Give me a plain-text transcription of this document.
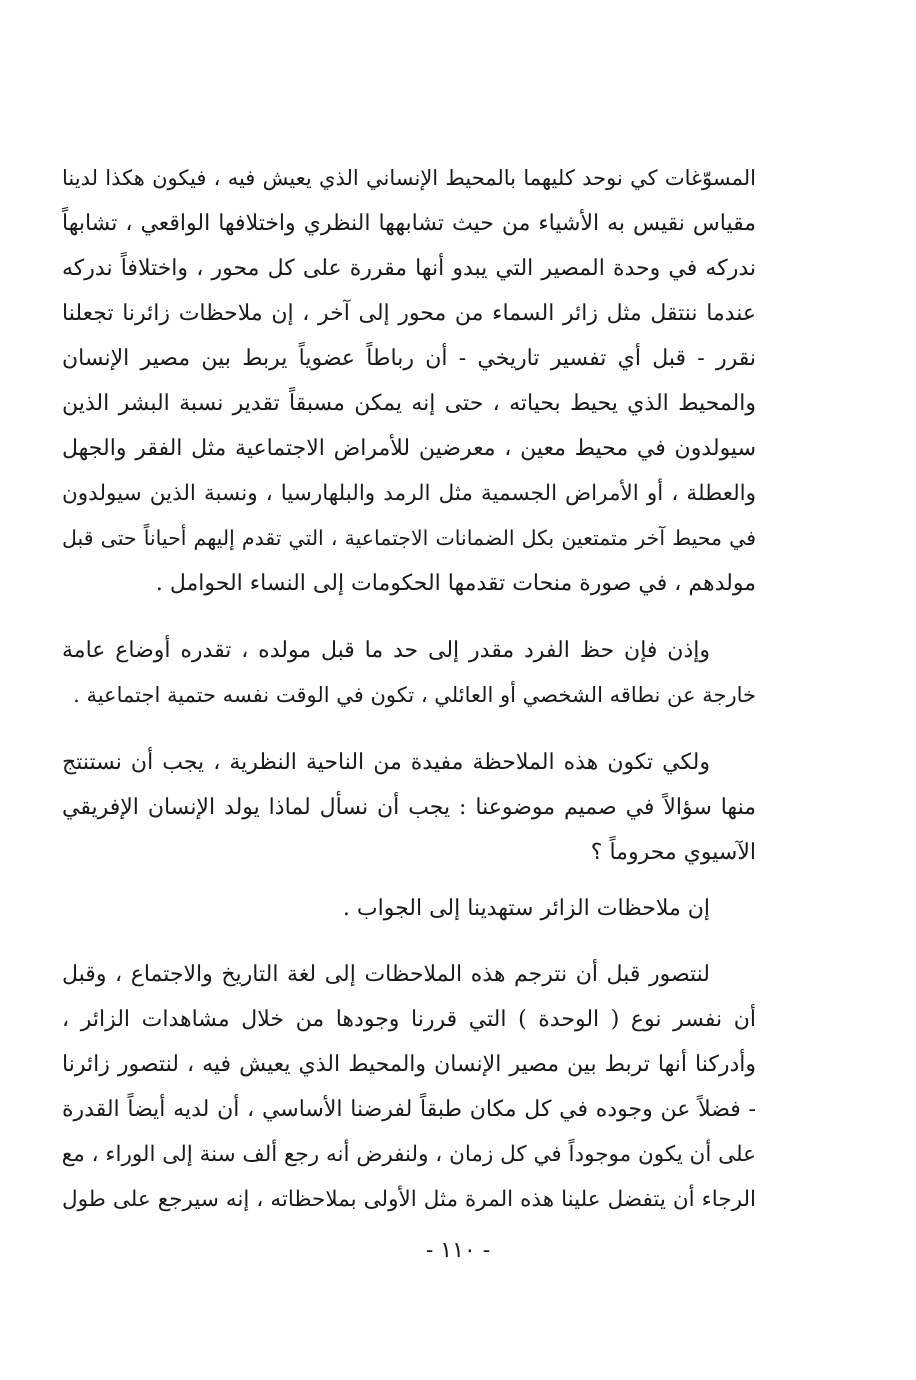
المسوّغات كي نوحد كليهما بالمحيط الإنساني الذي يعيش فيه ، فيكون هكذا لدينا
مقياس نقيس به الأشياء من حيث تشابهها النظري واختلافها الواقعي ، تشابهاً
ندركه في وحدة المصير التي يبدو أنها مقررة على كل محور ، واختلافاً ندركه
عندما ننتقل مثل زائر السماء من محور إلى آخر ، إن ملاحظات زائرنا تجعلنا
نقرر - قبل أي تفسير تاريخي - أن رباطاً عضوياً يربط بين مصير الإنسان
والمحيط الذي يحيط بحياته ، حتى إنه يمكن مسبقاً تقدير نسبة البشر الذين
سيولدون في محيط معين ، معرضين للأمراض الاجتماعية مثل الفقر والجهل
والعطلة ، أو الأمراض الجسمية مثل الرمد والبلهارسيا ، ونسبة الذين سيولدون
في محيط آخر متمتعين بكل الضمانات الاجتماعية ، التي تقدم إليهم أحياناً حتى قبل
مولدهم ، في صورة منحات تقدمها الحكومات إلى النساء الحوامل .
وإذن فإن حظ الفرد مقدر إلى حد ما قبل مولده ، تقدره أوضاع عامة
خارجة عن نطاقه الشخصي أو العائلي ، تكون في الوقت نفسه حتمية اجتماعية .
ولكي تكون هذه الملاحظة مفيدة من الناحية النظرية ، يجب أن نستنتج
منها سؤالاً في صميم موضوعنا : يجب أن نسأل لماذا يولد الإنسان الإفريقي
الآسيوي محروماً ؟
إن ملاحظات الزائر ستهدينا إلى الجواب .
لنتصور قبل أن نترجم هذه الملاحظات إلى لغة التاريخ والاجتماع ، وقبل
أن نفسر نوع ( الوحدة ) التي قررنا وجودها من خلال مشاهدات الزائر ،
وأدركنا أنها تربط بين مصير الإنسان والمحيط الذي يعيش فيه ، لنتصور زائرنا
- فضلاً عن وجوده في كل مكان طبقاً لفرضنا الأساسي ، أن لديه أيضاً القدرة
على أن يكون موجوداً في كل زمان ، ولنفرض أنه رجع ألف سنة إلى الوراء ، مع
الرجاء أن يتفضل علينا هذه المرة مثل الأولى بملاحظاته ، إنه سيرجع على طول
- ١١٠ -
